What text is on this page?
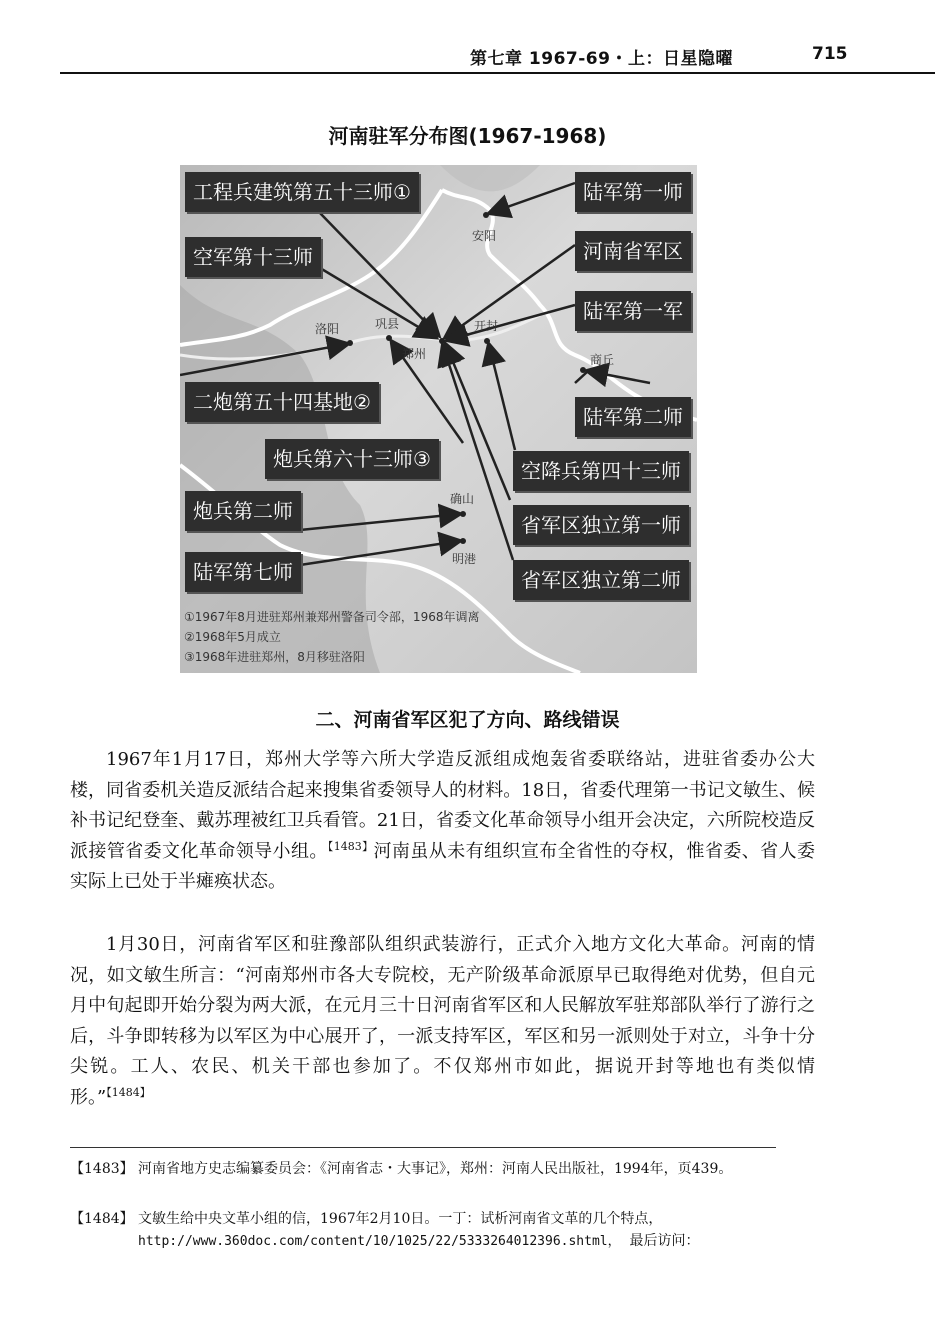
第七章 1967-69・上：日星隐曜	715
河南驻军分布图(1967-1968)
安阳
洛阳	巩县
郑州
开封
商丘
确山
明港
工程兵建筑第五十三师①
空军第十三师
二炮第五十四基地②
炮兵第六十三师③
炮兵第二师
陆军第七师
陆军第一师
河南省军区
陆军第一军
陆军第二师
空降兵第四十三师
省军区独立第一师
省军区独立第二师
①1967年8月进驻郑州兼郑州警备司令部，1968年调离
②1968年5月成立
③1968年进驻郑州，8月移驻洛阳
二、河南省军区犯了方向、路线错误

1967年1月17日，郑州大学等六所大学造反派组成炮轰省委联络站，进驻省委办公大楼，同省委机关造反派结合起来搜集省委领导人的材料。18日，省委代理第一书记文敏生、候补书记纪登奎、戴苏理被红卫兵看管。21日，省委文化革命领导小组开会决定，六所院校造反派接管省委文化革命领导小组。$^{【1483】}$河南虽从未有组织宣布全省性的夺权，惟省委、省人委实际上已处于半瘫痪状态。

1月30日，河南省军区和驻豫部队组织武装游行，正式介入地方文化大革命。河南的情况，如文敏生所言：“河南郑州市各大专院校，无产阶级革命派原早已取得绝对优势，但自元月中旬起即开始分裂为两大派，在元月三十日河南省军区和人民解放军驻郑部队举行了游行之后，斗争即转移为以军区为中心展开了，一派支持军区，军区和另一派则处于对立，斗争十分尖锐。工人、农民、机关干部也参加了。不仅郑州市如此，据说开封等地也有类似情形。”$^{【1484】}$

【1483】 河南省地方史志编纂委员会：《河南省志・大事记》，郑州：河南人民出版社，1994年，页439。
【1484】 文敏生给中央文革小组的信，1967年2月10日。一丁：试析河南省文革的几个特点，
http://www.360doc.com/content/10/1025/22/5333264012396.shtml， 最后访问：
